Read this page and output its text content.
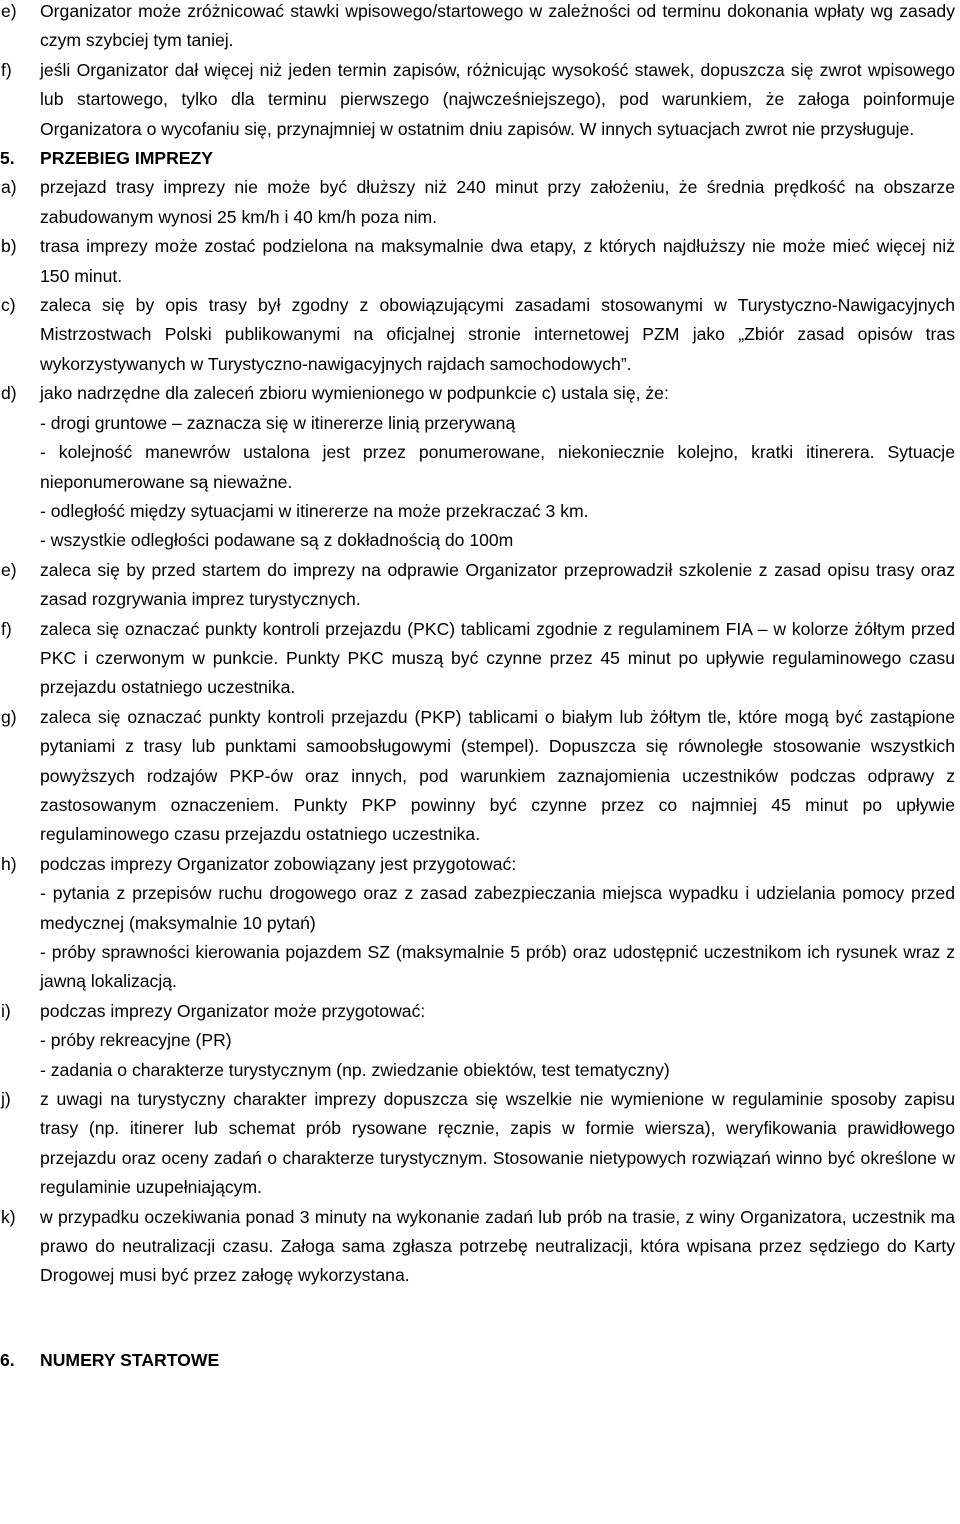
e)	Organizator może zróżnicować stawki wpisowego/startowego w zależności od terminu dokonania wpłaty wg zasady czym szybciej tym taniej.
f)	jeśli Organizator dał więcej niż jeden termin zapisów, różnicując wysokość stawek, dopuszcza się zwrot wpisowego lub startowego, tylko dla terminu pierwszego (najwcześniejszego), pod warunkiem, że załoga poinformuje Organizatora o wycofaniu się, przynajmniej w ostatnim dniu zapisów. W innych sytuacjach zwrot nie przysługuje.
5.	PRZEBIEG IMPREZY
a)	przejazd trasy imprezy nie może być dłuższy niż 240 minut przy założeniu, że średnia prędkość na obszarze zabudowanym wynosi 25 km/h i 40 km/h poza nim.
b)	trasa imprezy może zostać podzielona na maksymalnie dwa etapy, z których najdłuższy nie może mieć więcej niż 150 minut.
c)	zaleca się by opis trasy był zgodny z obowiązującymi zasadami stosowanymi w Turystyczno-Nawigacyjnych Mistrzostwach Polski publikowanymi na oficjalnej stronie internetowej PZM jako „Zbiór zasad opisów tras wykorzystywanych w Turystyczno-nawigacyjnych rajdach samochodowych”.
d)	jako nadrzędne dla zaleceń zbioru wymienionego w podpunkcie c) ustala się, że:
- drogi gruntowe – zaznacza się w itinererze linią przerywaną
- kolejność manewrów ustalona jest przez ponumerowane, niekoniecznie kolejno, kratki itinerera. Sytuacje nieponumerowane są nieważne.
- odległość między sytuacjami w itinererze na może przekraczać 3 km.
- wszystkie odległości podawane są z dokładnością do 100m
e)	zaleca się by przed startem do imprezy na odprawie Organizator przeprowadził szkolenie z zasad opisu trasy oraz zasad rozgrywania imprez turystycznych.
f)	zaleca się oznaczać punkty kontroli przejazdu (PKC) tablicami zgodnie z regulaminem FIA – w kolorze żółtym przed PKC i czerwonym w punkcie. Punkty PKC muszą być czynne przez 45 minut po upływie regulaminowego czasu przejazdu ostatniego uczestnika.
g)	zaleca się oznaczać punkty kontroli przejazdu (PKP) tablicami o białym lub żółtym tle, które mogą być zastąpione pytaniami z trasy lub punktami samoobsługowymi (stempel). Dopuszcza się równoległe stosowanie wszystkich powyższych rodzajów PKP-ów oraz innych, pod warunkiem zaznajomienia uczestników podczas odprawy z zastosowanym oznaczeniem. Punkty PKP powinny być czynne przez co najmniej 45 minut po upływie regulaminowego czasu przejazdu ostatniego uczestnika.
h)	podczas imprezy Organizator zobowiązany jest przygotować:
- pytania z przepisów ruchu drogowego oraz z zasad zabezpieczania miejsca wypadku i udzielania pomocy przed medycznej (maksymalnie 10 pytań)
- próby sprawności kierowania pojazdem SZ (maksymalnie 5 prób) oraz udostępnić uczestnikom ich rysunek wraz z jawną lokalizacją.
i)	podczas imprezy Organizator może przygotować:
- próby rekreacyjne (PR)
- zadania o charakterze turystycznym (np. zwiedzanie obiektów, test tematyczny)
j)	z uwagi na turystyczny charakter imprezy dopuszcza się wszelkie nie wymienione w regulaminie sposoby zapisu trasy (np. itinerer lub schemat prób rysowane ręcznie, zapis w formie wiersza), weryfikowania prawidłowego przejazdu oraz oceny zadań o charakterze turystycznym. Stosowanie nietypowych rozwiązań winno być określone w regulaminie uzupełniającym.
k)	w przypadku oczekiwania ponad 3 minuty na wykonanie zadań lub prób na trasie, z winy Organizatora, uczestnik ma prawo do neutralizacji czasu. Załoga sama zgłasza potrzebę neutralizacji, która wpisana przez sędziego do Karty Drogowej musi być przez załogę wykorzystana.
6.	NUMERY STARTOWE
